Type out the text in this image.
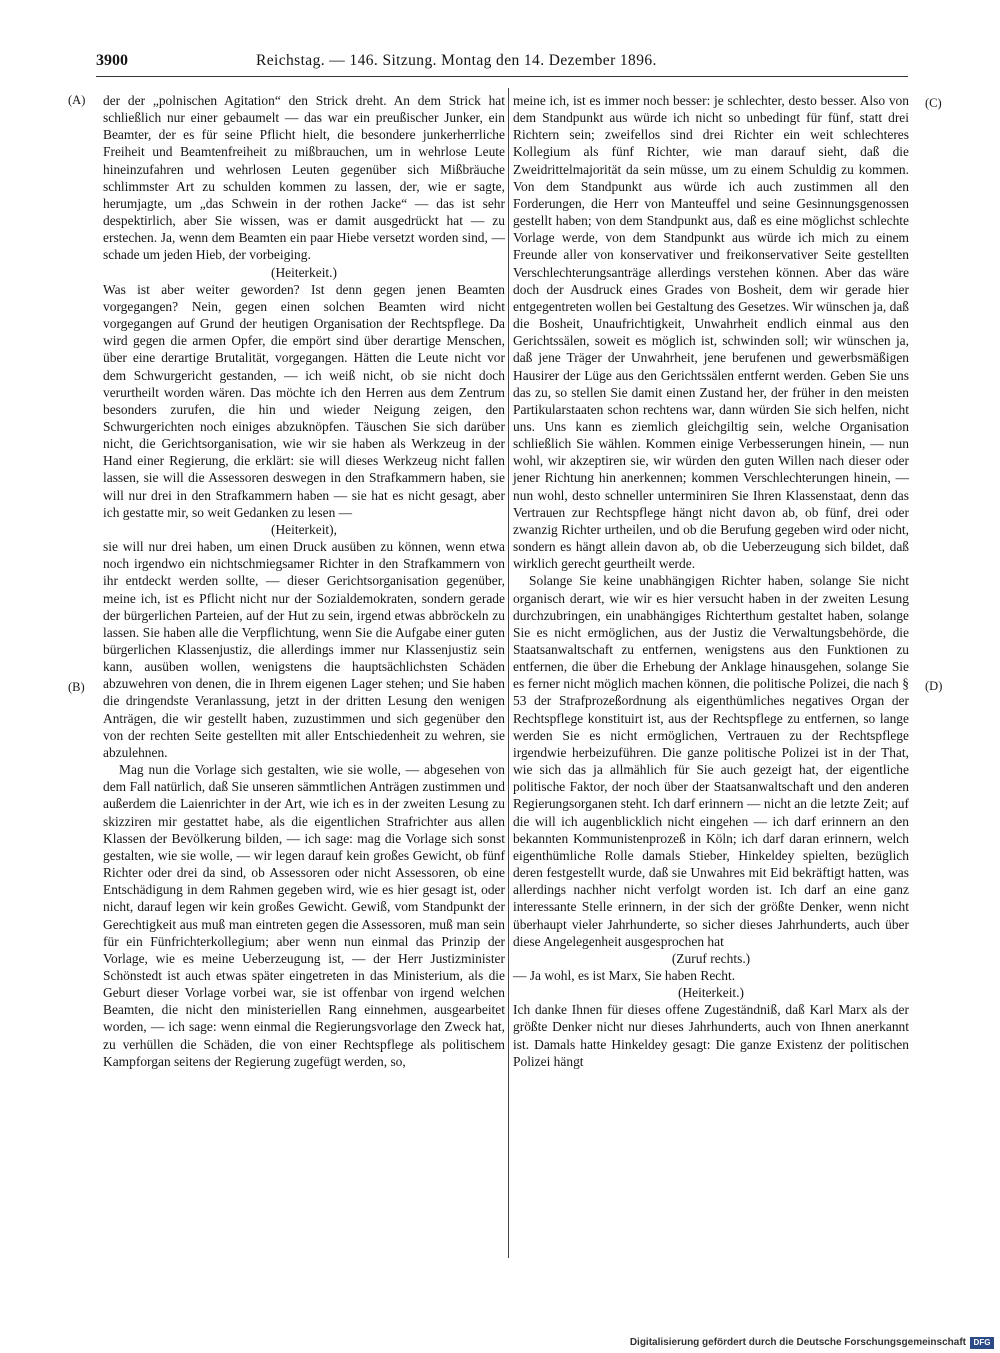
3900	Reichstag. — 146. Sitzung. Montag den 14. Dezember 1896.
(A)
(B)
(C)
(D)

der der „polnischen Agitation“ den Strick dreht. An dem Strick hat schließlich nur einer gebaumelt — das war ein preußischer Junker, ein Beamter, der es für seine Pflicht hielt, die besondere junkerherrliche Freiheit und Beamtenfreiheit zu mißbrauchen, um in wehrlose Leute hineinzufahren und wehrlosen Leuten gegenüber sich Mißbräuche schlimmster Art zu schulden kommen zu lassen, der, wie er sagte, herumjagte, um „das Schwein in der rothen Jacke“ — das ist sehr despektirlich, aber Sie wissen, was er damit ausgedrückt hat — zu erstechen. Ja, wenn dem Beamten ein paar Hiebe versetzt worden sind, — schade um jeden Hieb, der vorbeiging.

(Heiterkeit.)

Was ist aber weiter geworden? Ist denn gegen jenen Beamten vorgegangen? Nein, gegen einen solchen Beamten wird nicht vorgegangen auf Grund der heutigen Organisation der Rechtspflege. Da wird gegen die armen Opfer, die empört sind über derartige Menschen, über eine derartige Brutalität, vorgegangen. Hätten die Leute nicht vor dem Schwurgericht gestanden, — ich weiß nicht, ob sie nicht doch verurtheilt worden wären. Das möchte ich den Herren aus dem Zentrum besonders zurufen, die hin und wieder Neigung zeigen, den Schwurgerichten noch einiges abzuknöpfen. Täuschen Sie sich darüber nicht, die Gerichtsorganisation, wie wir sie haben als Werkzeug in der Hand einer Regierung, die erklärt: sie will dieses Werkzeug nicht fallen lassen, sie will die Assessoren deswegen in den Strafkammern haben, sie will nur drei in den Strafkammern haben — sie hat es nicht gesagt, aber ich gestatte mir, so weit Gedanken zu lesen —

(Heiterkeit),

sie will nur drei haben, um einen Druck ausüben zu können, wenn etwa noch irgendwo ein nichtschmiegsamer Richter in den Strafkammern von ihr entdeckt werden sollte, — dieser Gerichtsorganisation gegenüber, meine ich, ist es Pflicht nicht nur der Sozialdemokraten, sondern gerade der bürgerlichen Parteien, auf der Hut zu sein, irgend etwas abbröckeln zu lassen. Sie haben alle die Verpflichtung, wenn Sie die Aufgabe einer guten bürgerlichen Klassenjustiz, die allerdings immer nur Klassenjustiz sein kann, ausüben wollen, wenigstens die hauptsächlichsten Schäden abzuwehren von denen, die in Ihrem eigenen Lager stehen; und Sie haben die dringendste Veranlassung, jetzt in der dritten Lesung den wenigen Anträgen, die wir gestellt haben, zuzustimmen und sich gegenüber den von der rechten Seite gestellten mit aller Entschiedenheit zu wehren, sie abzulehnen.

Mag nun die Vorlage sich gestalten, wie sie wolle, — abgesehen von dem Fall natürlich, daß Sie unseren sämmtlichen Anträgen zustimmen und außerdem die Laienrichter in der Art, wie ich es in der zweiten Lesung zu skizziren mir gestattet habe, als die eigentlichen Strafrichter aus allen Klassen der Bevölkerung bilden, — ich sage: mag die Vorlage sich sonst gestalten, wie sie wolle, — wir legen darauf kein großes Gewicht, ob fünf Richter oder drei da sind, ob Assessoren oder nicht Assessoren, ob eine Entschädigung in dem Rahmen gegeben wird, wie es hier gesagt ist, oder nicht, darauf legen wir kein großes Gewicht. Gewiß, vom Standpunkt der Gerechtigkeit aus muß man eintreten gegen die Assessoren, muß man sein für ein Fünfrichterkollegium; aber wenn nun einmal das Prinzip der Vorlage, wie es meine Ueberzeugung ist, — der Herr Justizminister Schönstedt ist auch etwas später eingetreten in das Ministerium, als die Geburt dieser Vorlage vorbei war, sie ist offenbar von irgend welchen Beamten, die nicht den ministeriellen Rang einnehmen, ausgearbeitet worden, — ich sage: wenn einmal die Regierungsvorlage den Zweck hat, zu verhüllen die Schäden, die von einer Rechtspflege als politischem Kampforgan seitens der Regierung zugefügt werden, so,

meine ich, ist es immer noch besser: je schlechter, desto besser. Also von dem Standpunkt aus würde ich nicht so unbedingt für fünf, statt drei Richtern sein; zweifellos sind drei Richter ein weit schlechteres Kollegium als fünf Richter, wie man darauf sieht, daß die Zweidrittelmajorität da sein müsse, um zu einem Schuldig zu kommen. Von dem Standpunkt aus würde ich auch zustimmen all den Forderungen, die Herr von Manteuffel und seine Gesinnungsgenossen gestellt haben; von dem Standpunkt aus, daß es eine möglichst schlechte Vorlage werde, von dem Standpunkt aus würde ich mich zu einem Freunde aller von konservativer und freikonservativer Seite gestellten Verschlechterungsanträge allerdings verstehen können. Aber das wäre doch der Ausdruck eines Grades von Bosheit, dem wir gerade hier entgegentreten wollen bei Gestaltung des Gesetzes. Wir wünschen ja, daß die Bosheit, Unaufrichtigkeit, Unwahrheit endlich einmal aus den Gerichtssälen, soweit es möglich ist, schwinden soll; wir wünschen ja, daß jene Träger der Unwahrheit, jene berufenen und gewerbsmäßigen Hausirer der Lüge aus den Gerichtssälen entfernt werden. Geben Sie uns das zu, so stellen Sie damit einen Zustand her, der früher in den meisten Partikularstaaten schon rechtens war, dann würden Sie sich helfen, nicht uns. Uns kann es ziemlich gleichgiltig sein, welche Organisation schließlich Sie wählen. Kommen einige Verbesserungen hinein, — nun wohl, wir akzeptiren sie, wir würden den guten Willen nach dieser oder jener Richtung hin anerkennen; kommen Verschlechterungen hinein, — nun wohl, desto schneller unterminiren Sie Ihren Klassenstaat, denn das Vertrauen zur Rechtspflege hängt nicht davon ab, ob fünf, drei oder zwanzig Richter urtheilen, und ob die Berufung gegeben wird oder nicht, sondern es hängt allein davon ab, ob die Ueberzeugung sich bildet, daß wirklich gerecht geurtheilt werde.

Solange Sie keine unabhängigen Richter haben, solange Sie nicht organisch derart, wie wir es hier versucht haben in der zweiten Lesung durchzubringen, ein unabhängiges Richterthum gestaltet haben, solange Sie es nicht ermöglichen, aus der Justiz die Verwaltungsbehörde, die Staatsanwaltschaft zu entfernen, wenigstens aus den Funktionen zu entfernen, die über die Erhebung der Anklage hinausgehen, solange Sie es ferner nicht möglich machen können, die politische Polizei, die nach § 53 der Strafprozeßordnung als eigenthümliches negatives Organ der Rechtspflege konstituirt ist, aus der Rechtspflege zu entfernen, so lange werden Sie es nicht ermöglichen, Vertrauen zu der Rechtspflege irgendwie herbeizuführen. Die ganze politische Polizei ist in der That, wie sich das ja allmählich für Sie auch gezeigt hat, der eigentliche politische Faktor, der noch über der Staatsanwaltschaft und den anderen Regierungsorganen steht. Ich darf erinnern — nicht an die letzte Zeit; auf die will ich augenblicklich nicht eingehen — ich darf erinnern an den bekannten Kommunistenprozeß in Köln; ich darf daran erinnern, welch eigenthümliche Rolle damals Stieber, Hinkeldey spielten, bezüglich deren festgestellt wurde, daß sie Unwahres mit Eid bekräftigt hatten, was allerdings nachher nicht verfolgt worden ist. Ich darf an eine ganz interessante Stelle erinnern, in der sich der größte Denker, wenn nicht überhaupt vieler Jahrhunderte, so sicher dieses Jahrhunderts, auch über diese Angelegenheit ausgesprochen hat

(Zuruf rechts.)

— Ja wohl, es ist Marx, Sie haben Recht.

(Heiterkeit.)

Ich danke Ihnen für dieses offene Zugeständniß, daß Karl Marx als der größte Denker nicht nur dieses Jahrhunderts, auch von Ihnen anerkannt ist. Damals hatte Hinkeldey gesagt: Die ganze Existenz der politischen Polizei hängt

Digitalisierung gefördert durch die Deutsche Forschungsgemeinschaft DFG
